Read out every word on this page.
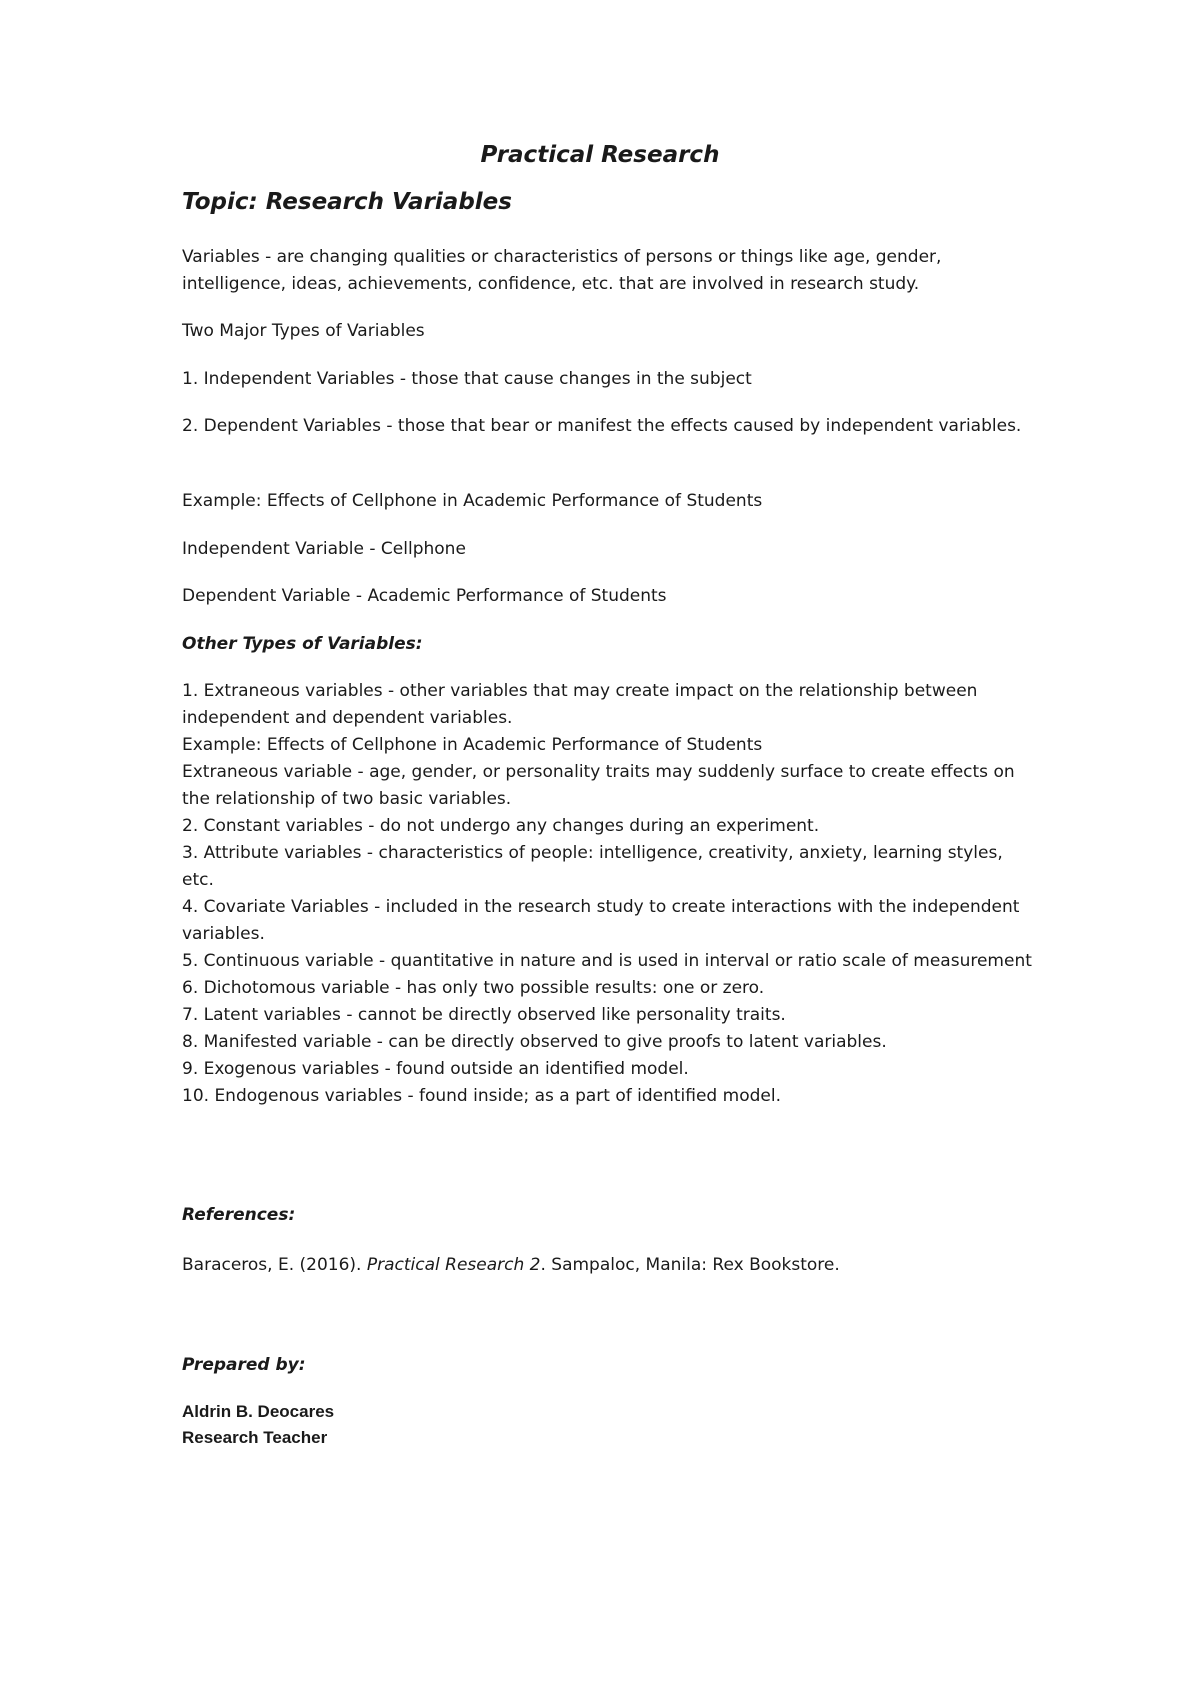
Practical Research
Topic: Research Variables

Variables - are changing qualities or characteristics of persons or things like age, gender, intelligence, ideas, achievements, confidence, etc. that are involved in research study.

Two Major Types of Variables

1. Independent Variables - those that cause changes in the subject

2. Dependent Variables - those that bear or manifest the effects caused by independent variables.

Example: Effects of Cellphone in Academic Performance of Students

Independent Variable - Cellphone

Dependent Variable - Academic Performance of Students

Other Types of Variables:

1. Extraneous variables - other variables that may create impact on the relationship between independent and dependent variables.

Example: Effects of Cellphone in Academic Performance of Students

Extraneous variable - age, gender, or personality traits may suddenly surface to create effects on the relationship of two basic variables.

2. Constant variables - do not undergo any changes during an experiment.

3. Attribute variables - characteristics of people: intelligence, creativity, anxiety, learning styles, etc.

4. Covariate Variables - included in the research study to create interactions with the independent variables.

5. Continuous variable - quantitative in nature and is used in interval or ratio scale of measurement

6. Dichotomous variable - has only two possible results: one or zero.

7. Latent variables - cannot be directly observed like personality traits.

8. Manifested variable - can be directly observed to give proofs to latent variables.

9. Exogenous variables - found outside an identified model.

10. Endogenous variables - found inside; as a part of identified model.

References:

Baraceros, E. (2016). Practical Research 2. Sampaloc, Manila: Rex Bookstore.

Prepared by:

Aldrin B. Deocares

Research Teacher
